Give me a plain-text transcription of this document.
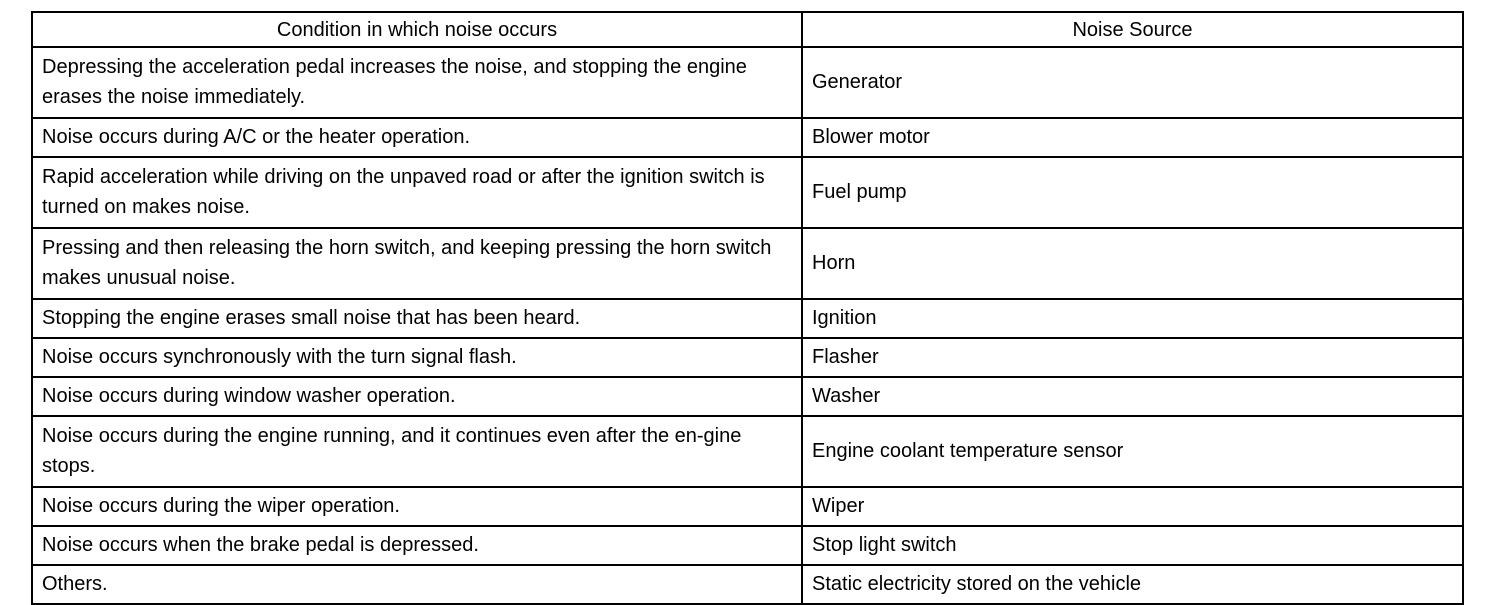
Condition in which noise occurs	Noise Source
Depressing the acceleration pedal increases the noise, and stopping the engine erases the noise immediately.	Generator
Noise occurs during A/C or the heater operation.	Blower motor
Rapid acceleration while driving on the unpaved road or after the ignition switch is turned on makes noise.	Fuel pump
Pressing and then releasing the horn switch, and keeping pressing the horn switch makes unusual noise.	Horn
Stopping the engine erases small noise that has been heard.	Ignition
Noise occurs synchronously with the turn signal flash.	Flasher
Noise occurs during window washer operation.	Washer
Noise occurs during the engine running, and it continues even after the en-gine stops.	Engine coolant temperature sensor
Noise occurs during the wiper operation.	Wiper
Noise occurs when the brake pedal is depressed.	Stop light switch
Others.	Static electricity stored on the vehicle
